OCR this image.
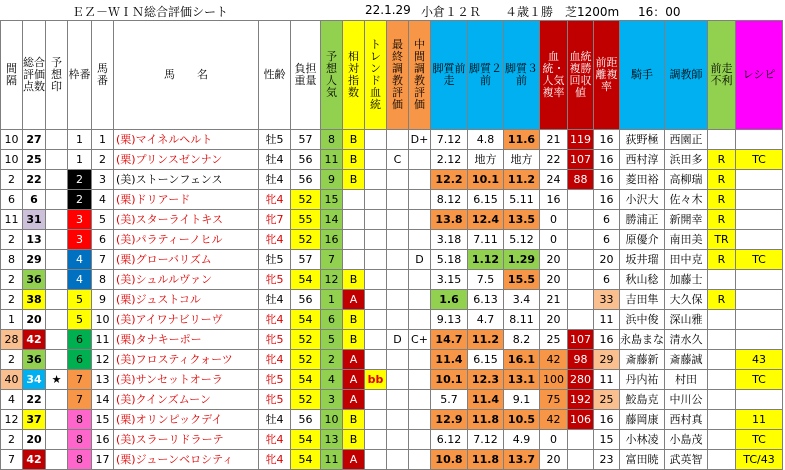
ＥＺ－ＷＩＮ総合評価シート	22.1.29 小倉１２Ｒ ４歳１勝 芝1200m 16：00
間隔	総合評価点数	予想印	枠番	馬番	馬　　名	性齢	負担重量	予想人気	相対指数	トレンド血統	最終調教評価	中間調教評価	脚質前走	脚質２前	脚質３前	血統・人気複率	血統複勝回収値	前距離複率	騎手	調教師	前走不利	レシピ
10	27		1	1	(栗)マイネルヘルト	牡5	57	8	B			D+	7.12	4.8	11.6	21	119	16	荻野極	西園正		
10	25		1	2	(栗)プリンスゼンナン	牡4	56	11	B		C		2.12	地方	地方	22	107	16	西村淳	浜田多	R	TC
2	22		2	3	(美)ストーンフェンス	牡4	56	9	B				12.2	10.1	11.2	24	88	16	菱田裕	高柳瑞	R	
6	6		2	4	(栗)ドリアード	牝4	52	15					8.12	6.15	5.11	16		16	小沢大	佐々木	R	
11	31		3	5	(美)スターライトキス	牝7	55	14					13.8	12.4	13.5	0		6	勝浦正	新開幸	R	
2	13		3	6	(美)パラティーノヒル	牝4	52	16					3.18	7.11	5.12	0		6	原優介	南田美	TR	
8	29		4	7	(栗)グローバリズム	牡5	57	7				D	5.18	1.12	1.29	20		20	坂井瑠	田中克	R	TC
2	36		4	8	(美)シュルルヴァン	牝5	54	12	B				3.15	7.5	15.5	20		6	秋山稔	加藤士		
2	38		5	9	(栗)ジュストコル	牡4	56	1	A				1.6	6.13	3.4	21		33	吉田隼	大久保	R	
1	20		5	10	(美)アイワナビリーヴ	牝4	54	6	B				9.13	4.7	8.11	20		11	浜中俊	深山雅		
28	42		6	11	(栗)タナキーポー	牝5	52	5	B		D	C+	14.7	11.2	8.2	25	107	16	永島まな	清水久		
2	36		6	12	(美)フロスティクォーツ	牝4	52	2	A				11.4	6.15	16.1	42	98	29	斎藤新	斎藤誠		43
40	34	★	7	13	(美)サンセットオーラ	牝5	54	4	A	bb			10.1	12.3	13.1	100	280	11	丹内祐	村田		TC
4	22		7	14	(美)クインズムーン	牝5	52	3	A				5.7	11.4	9.1	75	192	25	鮫島克	中川公		
12	37		8	15	(栗)オリンピックデイ	牡4	56	10	B				12.9	11.8	10.5	42	106	16	藤岡康	西村真		11
2	20		8	16	(美)スラーリドラーテ	牝4	54	13	B				6.12	7.12	4.9	0		15	小林凌	小島茂		TC
7	42		8	17	(栗)ジューンベロシティ	牝4	54	11	A				10.8	11.8	13.7	20		23	富田暁	武英智		TC/43
